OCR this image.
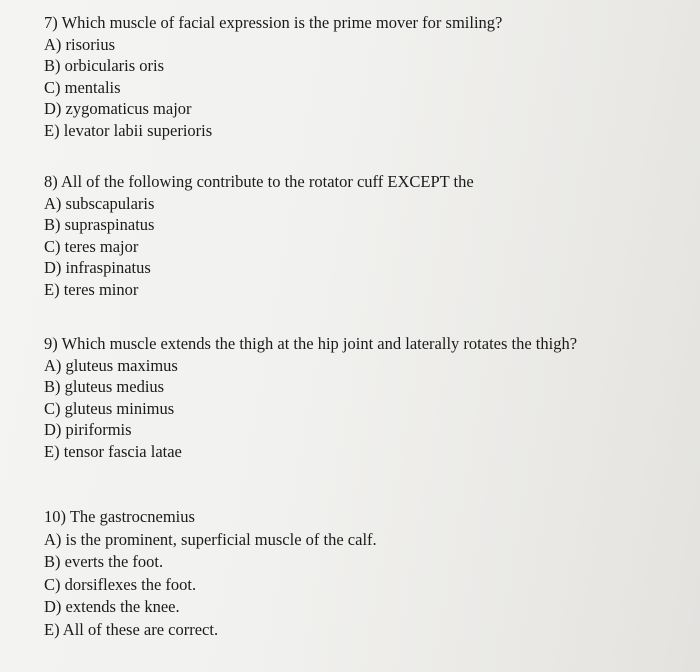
7) Which muscle of facial expression is the prime mover for smiling?

A) risorius

B) orbicularis oris

C) mentalis

D) zygomaticus major

E) levator labii superioris

8) All of the following contribute to the rotator cuff EXCEPT the

A) subscapularis

B) supraspinatus

C) teres major

D) infraspinatus

E) teres minor

9) Which muscle extends the thigh at the hip joint and laterally rotates the thigh?

A) gluteus maximus

B) gluteus medius

C) gluteus minimus

D) piriformis

E) tensor fascia latae

10) The gastrocnemius

A) is the prominent, superficial muscle of the calf.

B) everts the foot.

C) dorsiflexes the foot.

D) extends the knee.

E) All of these are correct.
